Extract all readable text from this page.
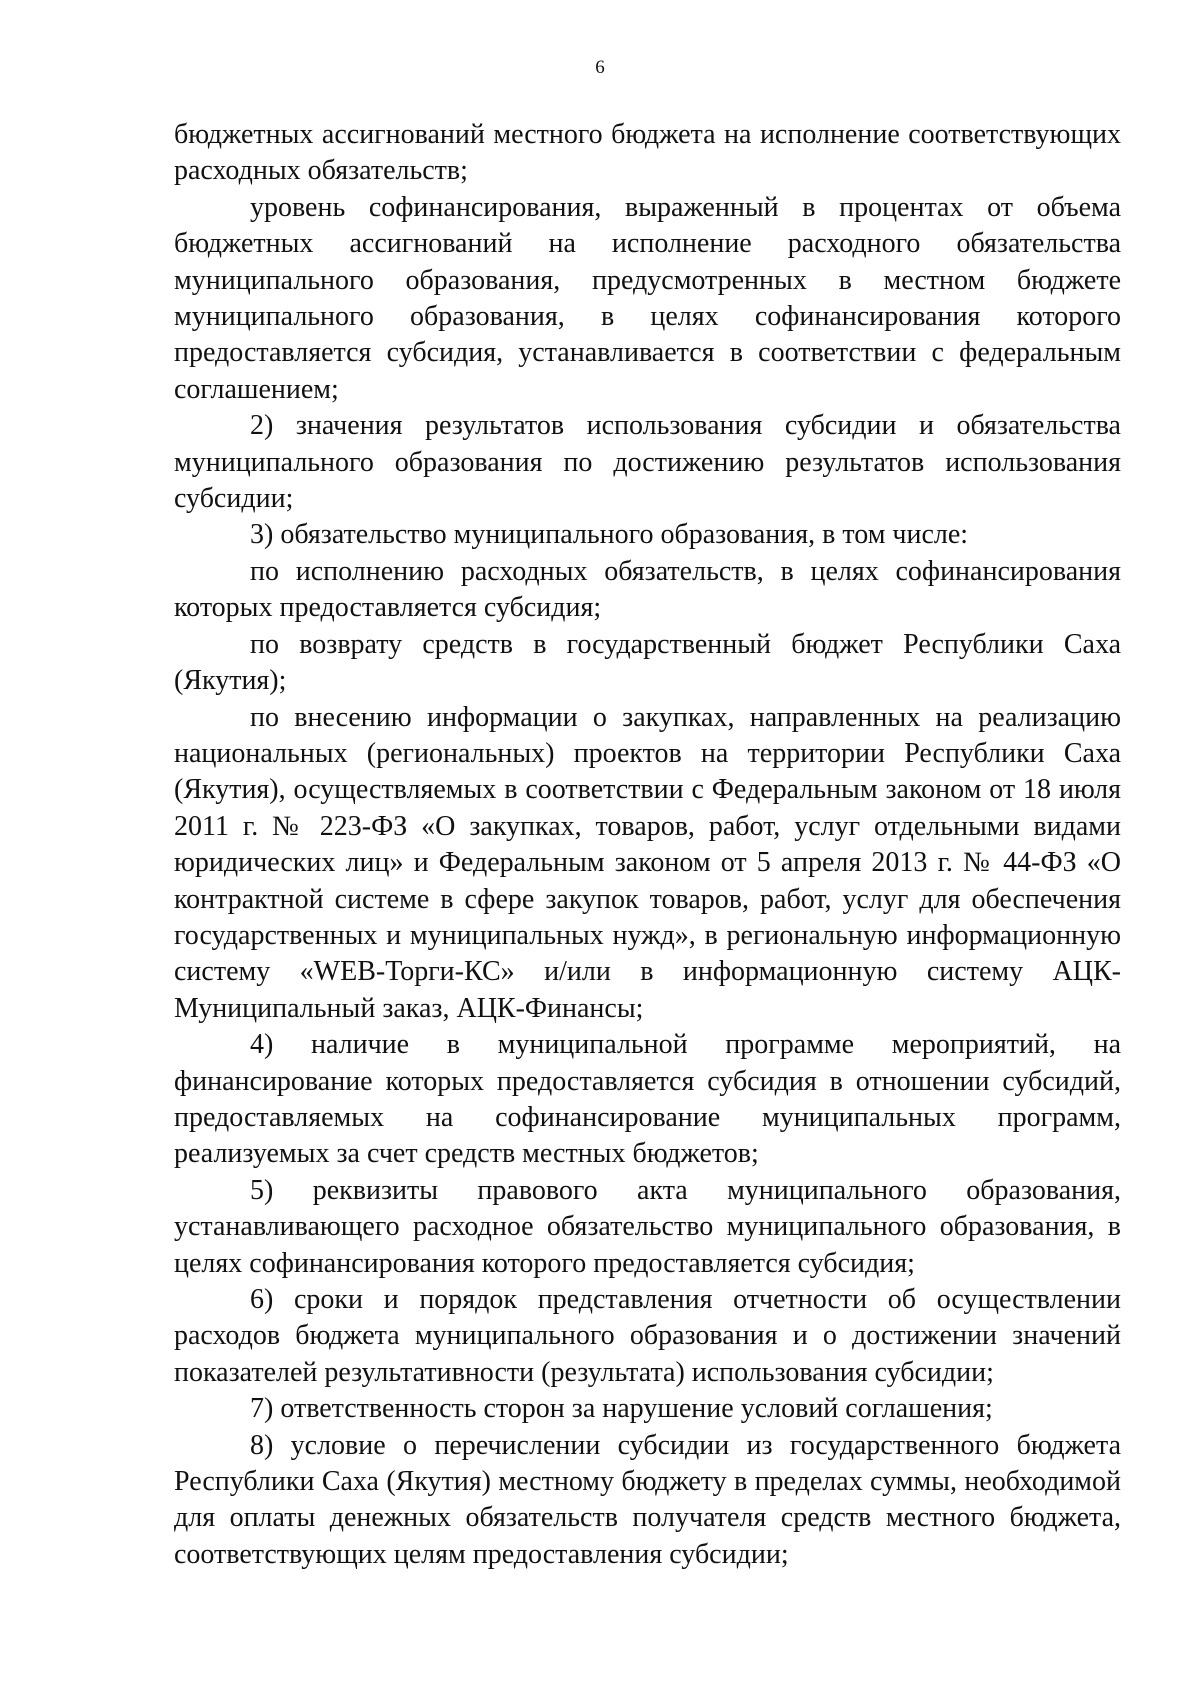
6

бюджетных ассигнований местного бюджета на исполнение соответствующих расходных обязательств;

уровень софинансирования, выраженный в процентах от объема бюджетных ассигнований на исполнение расходного обязательства муниципального образования, предусмотренных в местном бюджете муниципального образования, в целях софинансирования которого предоставляется субсидия, устанавливается в соответствии с федеральным соглашением;

2) значения результатов использования субсидии и обязательства муниципального образования по достижению результатов использования субсидии;

3) обязательство муниципального образования, в том числе:

по исполнению расходных обязательств, в целях софинансирования которых предоставляется субсидия;

по возврату средств в государственный бюджет Республики Саха (Якутия);

по внесению информации о закупках, направленных на реализацию национальных (региональных) проектов на территории Республики Саха (Якутия), осуществляемых в соответствии с Федеральным законом от 18 июля 2011 г. № 223-ФЗ «О закупках, товаров, работ, услуг отдельными видами юридических лиц» и Федеральным законом от 5 апреля 2013 г. № 44-ФЗ «О контрактной системе в сфере закупок товаров, работ, услуг для обеспечения государственных и муниципальных нужд», в региональную информационную систему «WEB-Торги-КС» и/или в информационную систему АЦК-Муниципальный заказ, АЦК-Финансы;

4) наличие в муниципальной программе мероприятий, на финансирование которых предоставляется субсидия в отношении субсидий, предоставляемых на софинансирование муниципальных программ, реализуемых за счет средств местных бюджетов;

5) реквизиты правового акта муниципального образования, устанавливающего расходное обязательство муниципального образования, в целях софинансирования которого предоставляется субсидия;

6) сроки и порядок представления отчетности об осуществлении расходов бюджета муниципального образования и о достижении значений показателей результативности (результата) использования субсидии;

7) ответственность сторон за нарушение условий соглашения;

8) условие о перечислении субсидии из государственного бюджета Республики Саха (Якутия) местному бюджету в пределах суммы, необходимой для оплаты денежных обязательств получателя средств местного бюджета, соответствующих целям предоставления субсидии;
